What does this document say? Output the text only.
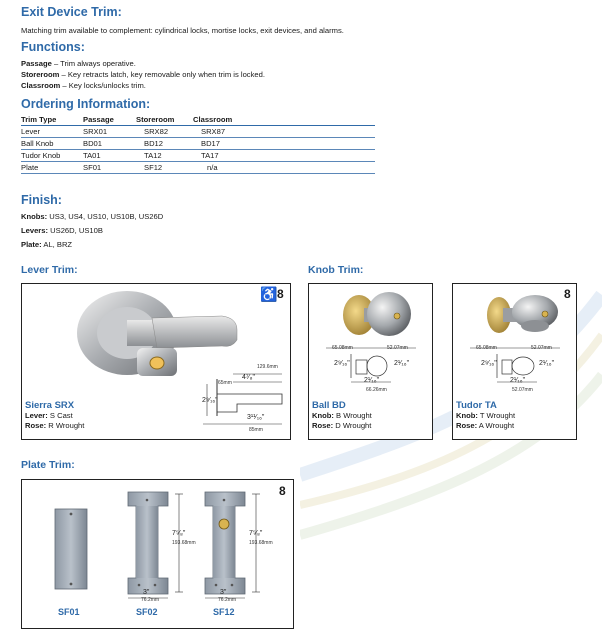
Exit Device Trim:
Matching trim available to complement: cylindrical locks, mortise locks, exit devices, and alarms.
Functions:
Passage – Trim always operative.
Storeroom – Key retracts latch, key removable only when trim is locked.
Classroom – Key locks/unlocks trim.
Ordering Information:
Trim Type	Passage	Storeroom	Classroom
Lever	SRX01	SRX82	SRX87
Ball Knob	BD01	BD12	BD17
Tudor Knob	TA01	TA12	TA17
Plate	SF01	SF12	n/a
Finish:
Knobs: US3, US4, US10, US10B, US26D
Levers: US26D, US10B
Plate: AL, BRZ
Lever Trim:
♿ 8
129.6mm
4⁷⁄₈"
65mm
2⁹⁄₁₆"
3¹¹⁄₁₆"
85mm
Sierra SRX
Lever: S Cast
Rose: R Wrought
Knob Trim:
65.08mm	52.07mm
2⁹⁄₁₆"	2¹⁄₁₆"
2¹⁄₁₆"
66.26mm
Ball BD
Knob: B Wrought
Rose: D Wrought
8
65.08mm	52.07mm
2⁹⁄₁₆"	2¹⁄₁₆"
2¹⁄₁₆"
52.07mm
Tudor TA
Knob: T Wrought
Rose: A Wrought
Plate Trim:
8
SF01
7⁵⁄₈"
193.68mm
3"
76.2mm
SF02
7⁵⁄₈"
193.68mm
3"
76.2mm
SF12
